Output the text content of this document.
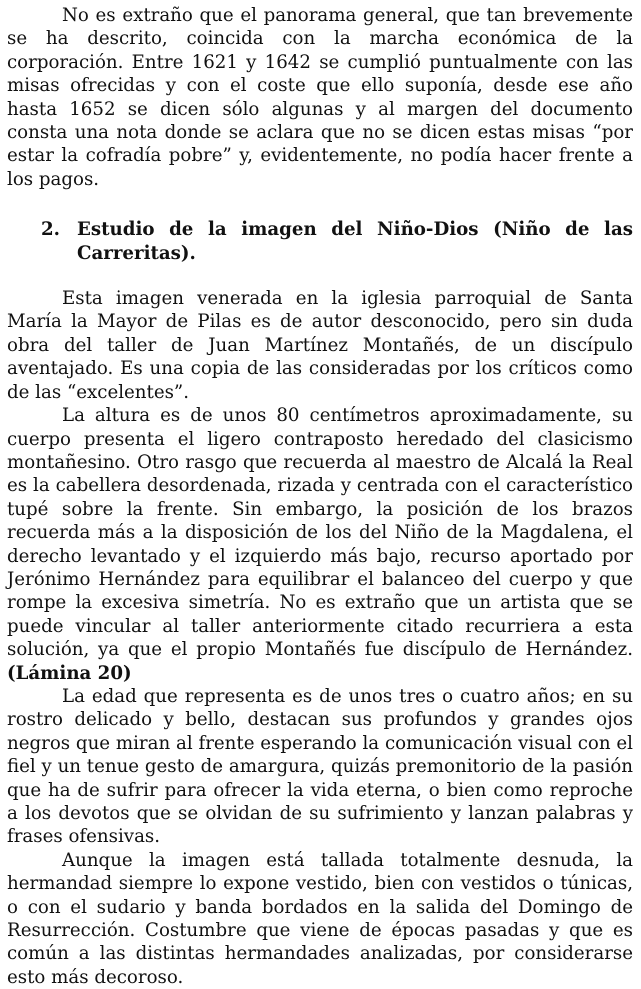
No es extraño que el panorama general, que tan brevemente se ha descrito, coincida con la marcha económica de la corporación. Entre 1621 y 1642 se cumplió puntualmente con las misas ofrecidas y con el coste que ello suponía, desde ese año hasta 1652 se dicen sólo algunas y al margen del documento consta una nota donde se aclara que no se dicen estas misas “por estar la cofradía pobre” y, evidentemente, no podía hacer frente a los pagos.

2. Estudio de la imagen del Niño-Dios (Niño de las Carreritas).

Esta imagen venerada en la iglesia parroquial de Santa María la Mayor de Pilas es de autor desconocido, pero sin duda obra del taller de Juan Martínez Montañés, de un discípulo aventajado. Es una copia de las consideradas por los críticos como de las “excelentes”.

La altura es de unos 80 centímetros aproximadamente, su cuerpo presenta el ligero contraposto heredado del clasicismo montañesino. Otro rasgo que recuerda al maestro de Alcalá la Real es la cabellera desordenada, rizada y centrada con el característico tupé sobre la frente. Sin embargo, la posición de los brazos recuerda más a la disposición de los del Niño de la Magdalena, el derecho levantado y el izquierdo más bajo, recurso aportado por Jerónimo Hernández para equilibrar el balanceo del cuerpo y que rompe la excesiva simetría. No es extraño que un artista que se puede vincular al taller anteriormente citado recurriera a esta solución, ya que el propio Montañés fue discípulo de Hernández. (Lámina 20)

La edad que representa es de unos tres o cuatro años; en su rostro delicado y bello, destacan sus profundos y grandes ojos negros que miran al frente esperando la comunicación visual con el fiel y un tenue gesto de amargura, quizás premonitorio de la pasión que ha de sufrir para ofrecer la vida eterna, o bien como reproche a los devotos que se olvidan de su sufrimiento y lanzan palabras y frases ofensivas.

Aunque la imagen está tallada totalmente desnuda, la hermandad siempre lo expone vestido, bien con vestidos o túnicas, o con el sudario y banda bordados en la salida del Domingo de Resurrección. Costumbre que viene de épocas pasadas y que es común a las distintas hermandades analizadas, por considerarse esto más decoroso.
